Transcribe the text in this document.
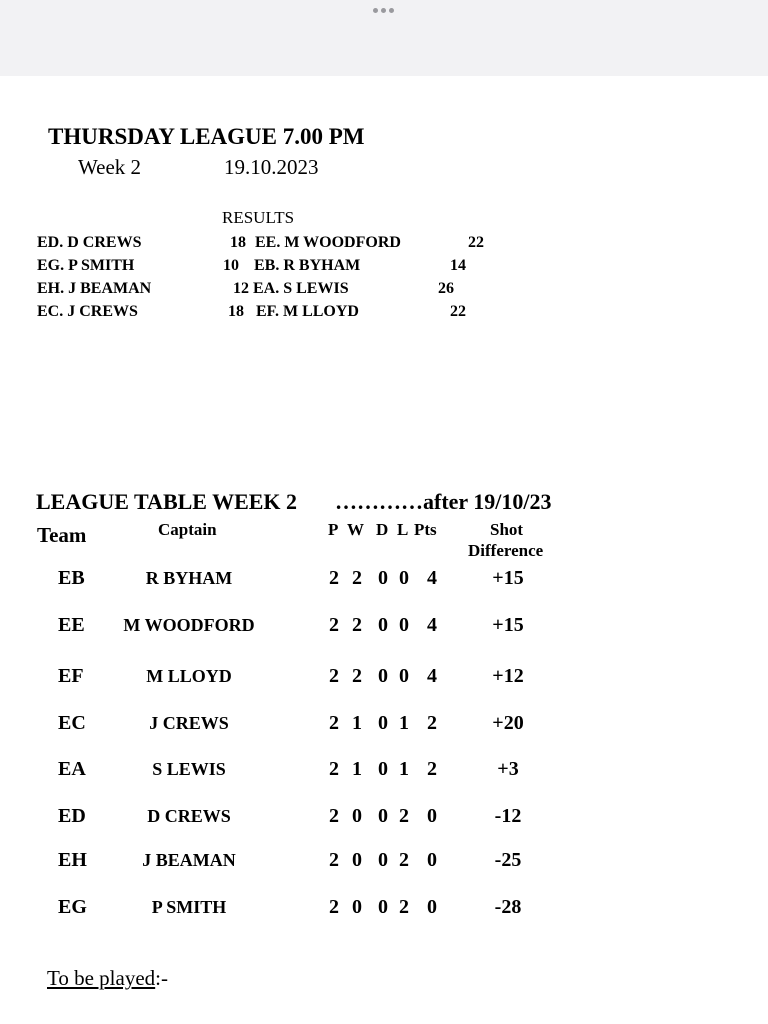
THURSDAY LEAGUE 7.00 PM
Week 2	19.10.2023
RESULTS
ED. D CREWS	18 EE. M WOODFORD	22
EG. P SMITH	10 EB. R BYHAM	14
EH. J BEAMAN	12 EA. S LEWIS	26
EC. J CREWS	18 EF. M LLOYD	22
LEAGUE TABLE WEEK 2 …………after 19/10/23
Team	Captain	P W D L Pts	Shot
Difference
EB	R BYHAM	2 2 0 0 4	+15
EE	M WOODFORD	2 2 0 0 4	+15
EF	M LLOYD	2 2 0 0 4	+12
EC	J CREWS	2 1 0 1 2	+20
EA	S LEWIS	2 1 0 1 2	+3
ED	D CREWS	2 0 0 2 0	-12
EH	J BEAMAN	2 0 0 2 0	-25
EG	P SMITH	2 0 0 2 0	-28
To be played:-
